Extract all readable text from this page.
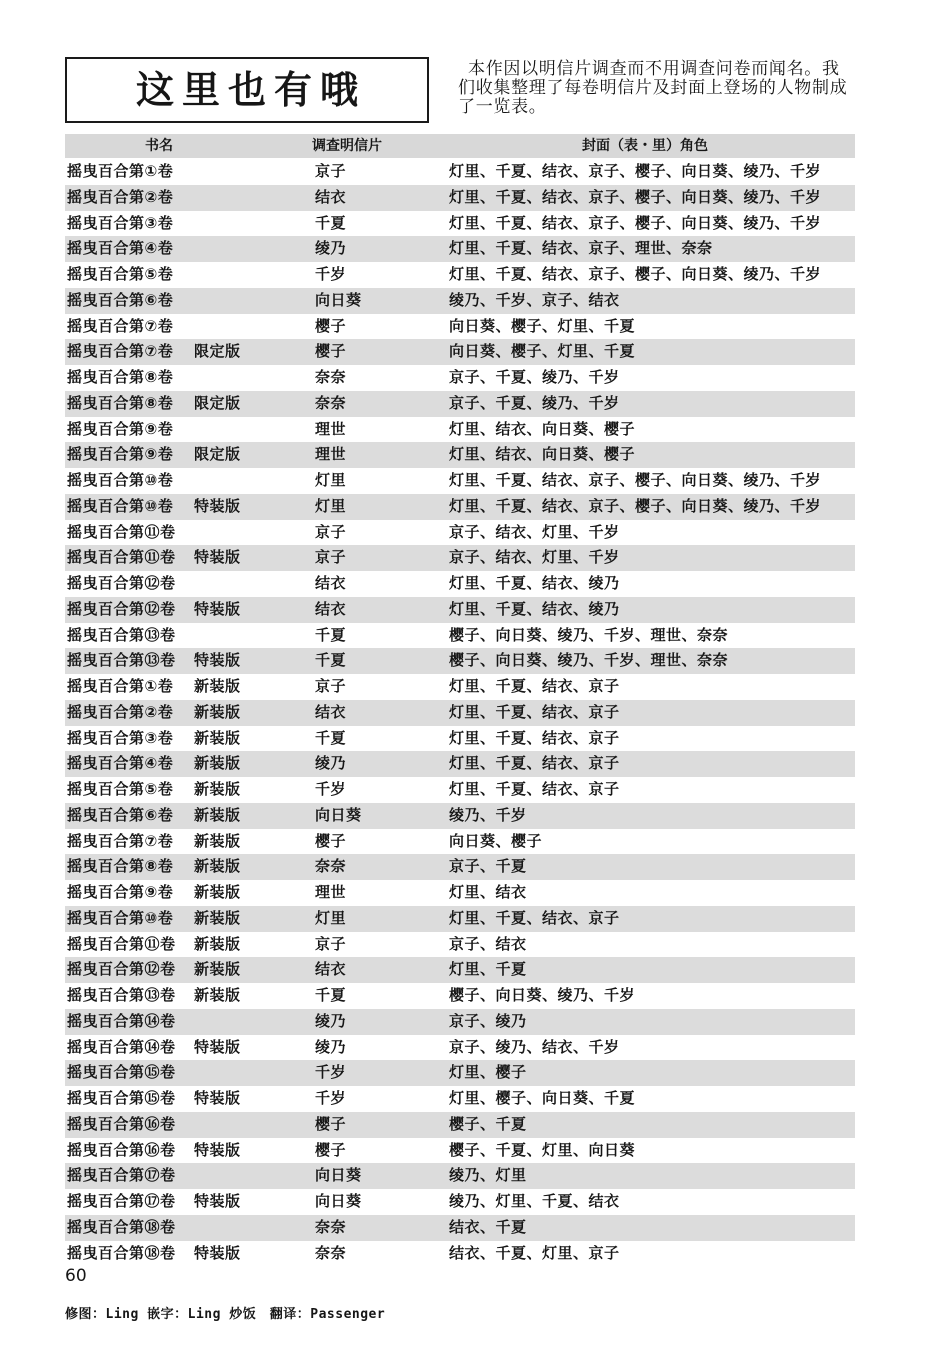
这里也有哦	本作因以明信片调查而不用调查问卷而闻名。我
们收集整理了每卷明信片及封面上登场的人物制成
了一览表。
书名	调查明信片	封面（表・里）角色
摇曳百合第①卷	京子	灯里、千夏、结衣、京子、樱子、向日葵、绫乃、千岁
摇曳百合第②卷	结衣	灯里、千夏、结衣、京子、樱子、向日葵、绫乃、千岁
摇曳百合第③卷	千夏	灯里、千夏、结衣、京子、樱子、向日葵、绫乃、千岁
摇曳百合第④卷	绫乃	灯里、千夏、结衣、京子、理世、奈奈
摇曳百合第⑤卷	千岁	灯里、千夏、结衣、京子、樱子、向日葵、绫乃、千岁
摇曳百合第⑥卷	向日葵	绫乃、千岁、京子、结衣
摇曳百合第⑦卷	樱子	向日葵、樱子、灯里、千夏
摇曳百合第⑦卷 限定版	樱子	向日葵、樱子、灯里、千夏
摇曳百合第⑧卷	奈奈	京子、千夏、绫乃、千岁
摇曳百合第⑧卷 限定版	奈奈	京子、千夏、绫乃、千岁
摇曳百合第⑨卷	理世	灯里、结衣、向日葵、樱子
摇曳百合第⑨卷 限定版	理世	灯里、结衣、向日葵、樱子
摇曳百合第⑩卷	灯里	灯里、千夏、结衣、京子、樱子、向日葵、绫乃、千岁
摇曳百合第⑩卷 特装版	灯里	灯里、千夏、结衣、京子、樱子、向日葵、绫乃、千岁
摇曳百合第⑪卷	京子	京子、结衣、灯里、千岁
摇曳百合第⑪卷 特装版	京子	京子、结衣、灯里、千岁
摇曳百合第⑫卷	结衣	灯里、千夏、结衣、绫乃
摇曳百合第⑫卷 特装版	结衣	灯里、千夏、结衣、绫乃
摇曳百合第⑬卷	千夏	樱子、向日葵、绫乃、千岁、理世、奈奈
摇曳百合第⑬卷 特装版	千夏	樱子、向日葵、绫乃、千岁、理世、奈奈
摇曳百合第①卷 新装版	京子	灯里、千夏、结衣、京子
摇曳百合第②卷 新装版	结衣	灯里、千夏、结衣、京子
摇曳百合第③卷 新装版	千夏	灯里、千夏、结衣、京子
摇曳百合第④卷 新装版	绫乃	灯里、千夏、结衣、京子
摇曳百合第⑤卷 新装版	千岁	灯里、千夏、结衣、京子
摇曳百合第⑥卷 新装版	向日葵	绫乃、千岁
摇曳百合第⑦卷 新装版	樱子	向日葵、樱子
摇曳百合第⑧卷 新装版	奈奈	京子、千夏
摇曳百合第⑨卷 新装版	理世	灯里、结衣
摇曳百合第⑩卷 新装版	灯里	灯里、千夏、结衣、京子
摇曳百合第⑪卷 新装版	京子	京子、结衣
摇曳百合第⑫卷 新装版	结衣	灯里、千夏
摇曳百合第⑬卷 新装版	千夏	樱子、向日葵、绫乃、千岁
摇曳百合第⑭卷	绫乃	京子、绫乃
摇曳百合第⑭卷 特装版	绫乃	京子、绫乃、结衣、千岁
摇曳百合第⑮卷	千岁	灯里、樱子
摇曳百合第⑮卷 特装版	千岁	灯里、樱子、向日葵、千夏
摇曳百合第⑯卷	樱子	樱子、千夏
摇曳百合第⑯卷 特装版	樱子	樱子、千夏、灯里、向日葵
摇曳百合第⑰卷	向日葵	绫乃、灯里
摇曳百合第⑰卷 特装版	向日葵	绫乃、灯里、千夏、结衣
摇曳百合第⑱卷	奈奈	结衣、千夏
摇曳百合第⑱卷 特装版	奈奈	结衣、千夏、灯里、京子
60
修图：Ling 嵌字：Ling 炒饭　翻译：Passenger
